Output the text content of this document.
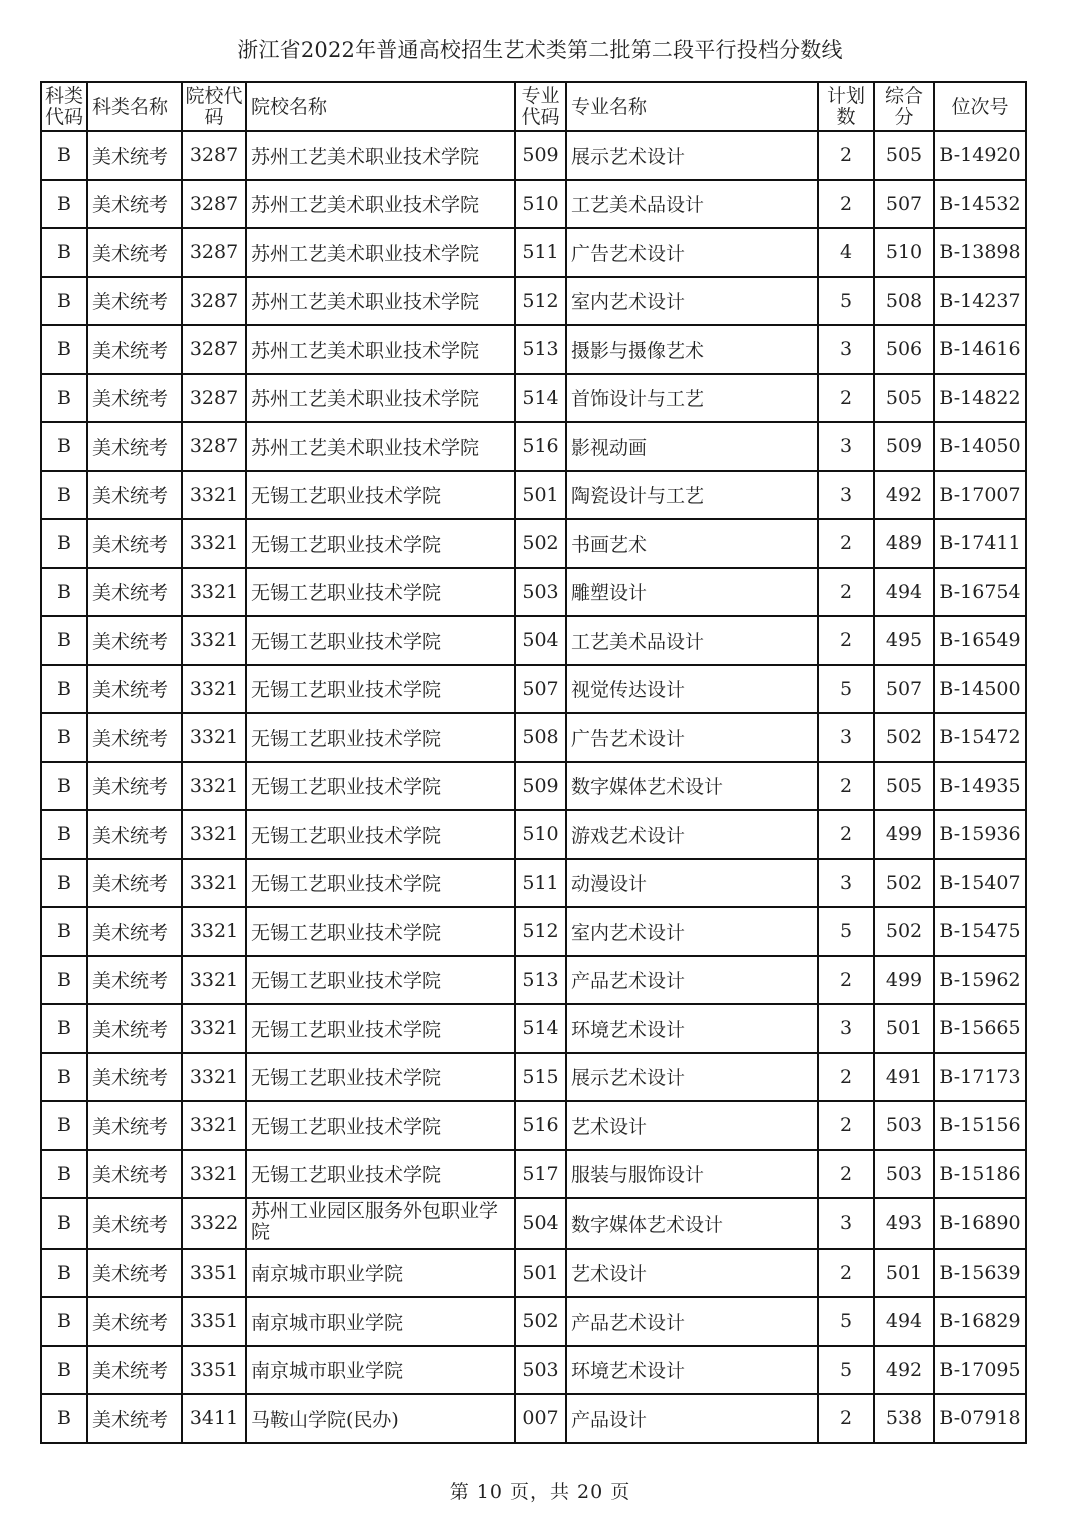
浙江省2022年普通高校招生艺术类第二批第二段平行投档分数线
科类代码	科类名称	院校代码	院校名称	专业代码	专业名称	计划数	综合分	位次号
B	美术统考	3287	苏州工艺美术职业技术学院	509	展示艺术设计	2	505	B-14920
B	美术统考	3287	苏州工艺美术职业技术学院	510	工艺美术品设计	2	507	B-14532
B	美术统考	3287	苏州工艺美术职业技术学院	511	广告艺术设计	4	510	B-13898
B	美术统考	3287	苏州工艺美术职业技术学院	512	室内艺术设计	5	508	B-14237
B	美术统考	3287	苏州工艺美术职业技术学院	513	摄影与摄像艺术	3	506	B-14616
B	美术统考	3287	苏州工艺美术职业技术学院	514	首饰设计与工艺	2	505	B-14822
B	美术统考	3287	苏州工艺美术职业技术学院	516	影视动画	3	509	B-14050
B	美术统考	3321	无锡工艺职业技术学院	501	陶瓷设计与工艺	3	492	B-17007
B	美术统考	3321	无锡工艺职业技术学院	502	书画艺术	2	489	B-17411
B	美术统考	3321	无锡工艺职业技术学院	503	雕塑设计	2	494	B-16754
B	美术统考	3321	无锡工艺职业技术学院	504	工艺美术品设计	2	495	B-16549
B	美术统考	3321	无锡工艺职业技术学院	507	视觉传达设计	5	507	B-14500
B	美术统考	3321	无锡工艺职业技术学院	508	广告艺术设计	3	502	B-15472
B	美术统考	3321	无锡工艺职业技术学院	509	数字媒体艺术设计	2	505	B-14935
B	美术统考	3321	无锡工艺职业技术学院	510	游戏艺术设计	2	499	B-15936
B	美术统考	3321	无锡工艺职业技术学院	511	动漫设计	3	502	B-15407
B	美术统考	3321	无锡工艺职业技术学院	512	室内艺术设计	5	502	B-15475
B	美术统考	3321	无锡工艺职业技术学院	513	产品艺术设计	2	499	B-15962
B	美术统考	3321	无锡工艺职业技术学院	514	环境艺术设计	3	501	B-15665
B	美术统考	3321	无锡工艺职业技术学院	515	展示艺术设计	2	491	B-17173
B	美术统考	3321	无锡工艺职业技术学院	516	艺术设计	2	503	B-15156
B	美术统考	3321	无锡工艺职业技术学院	517	服装与服饰设计	2	503	B-15186
B	美术统考	3322	苏州工业园区服务外包职业学院	504	数字媒体艺术设计	3	493	B-16890
B	美术统考	3351	南京城市职业学院	501	艺术设计	2	501	B-15639
B	美术统考	3351	南京城市职业学院	502	产品艺术设计	5	494	B-16829
B	美术统考	3351	南京城市职业学院	503	环境艺术设计	5	492	B-17095
B	美术统考	3411	马鞍山学院(民办)	007	产品设计	2	538	B-07918
第 10 页，共 20 页
